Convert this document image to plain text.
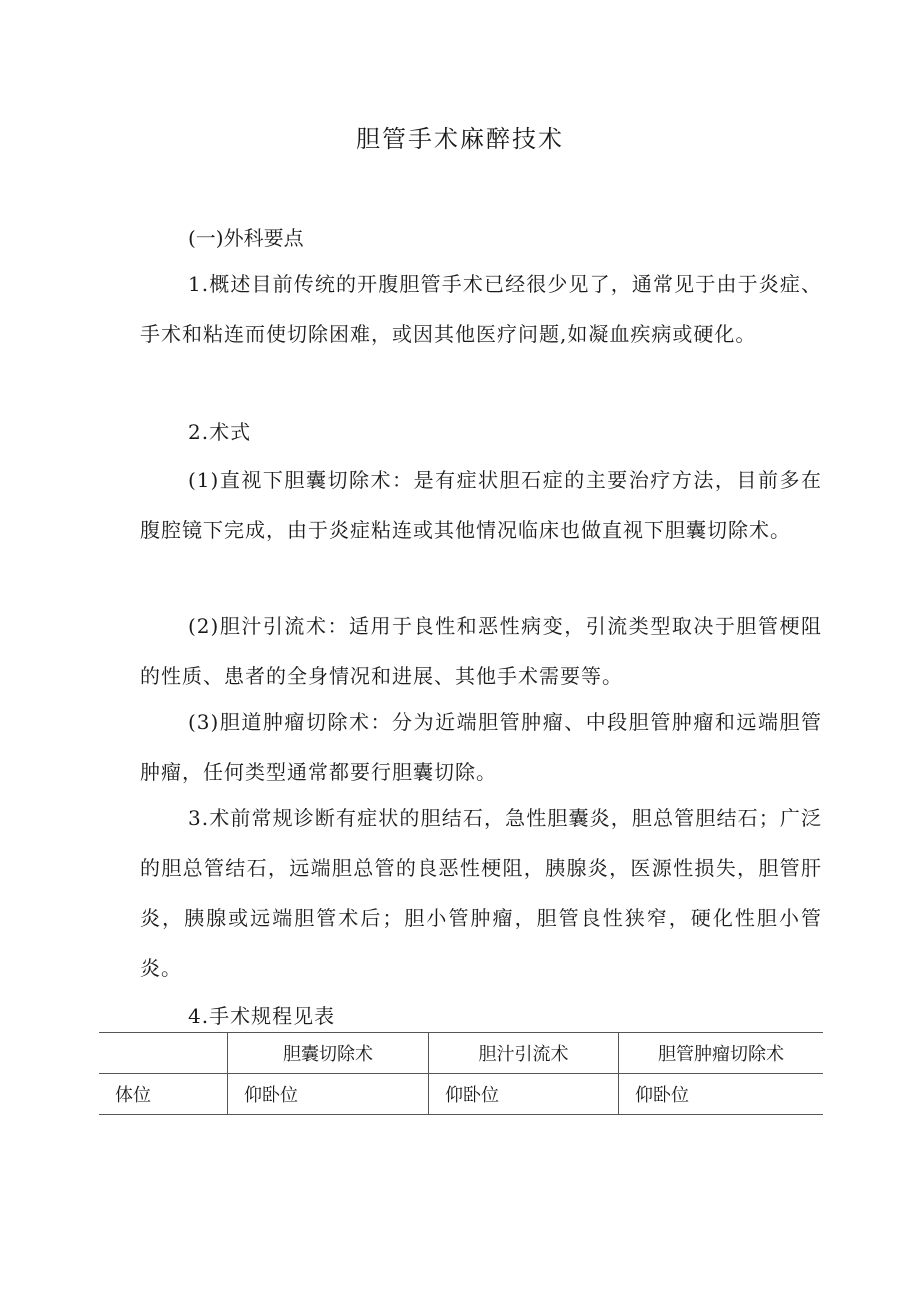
胆管手术麻醉技术
(一)外科要点

1.概述目前传统的开腹胆管手术已经很少见了，通常见于由于炎症、手术和粘连而使切除困难，或因其他医疗问题,如凝血疾病或硬化。

2.术式

(1)直视下胆囊切除术：是有症状胆石症的主要治疗方法，目前多在腹腔镜下完成，由于炎症粘连或其他情况临床也做直视下胆囊切除术。

(2)胆汁引流术：适用于良性和恶性病变，引流类型取决于胆管梗阻的性质、患者的全身情况和进展、其他手术需要等。

(3)胆道肿瘤切除术：分为近端胆管肿瘤、中段胆管肿瘤和远端胆管肿瘤，任何类型通常都要行胆囊切除。

3.术前常规诊断有症状的胆结石，急性胆囊炎，胆总管胆结石；广泛的胆总管结石，远端胆总管的良恶性梗阻，胰腺炎，医源性损失，胆管肝炎，胰腺或远端胆管术后；胆小管肿瘤，胆管良性狭窄，硬化性胆小管炎。

4.手术规程见表

	胆囊切除术	胆汁引流术	胆管肿瘤切除术
体位	仰卧位	仰卧位	仰卧位
